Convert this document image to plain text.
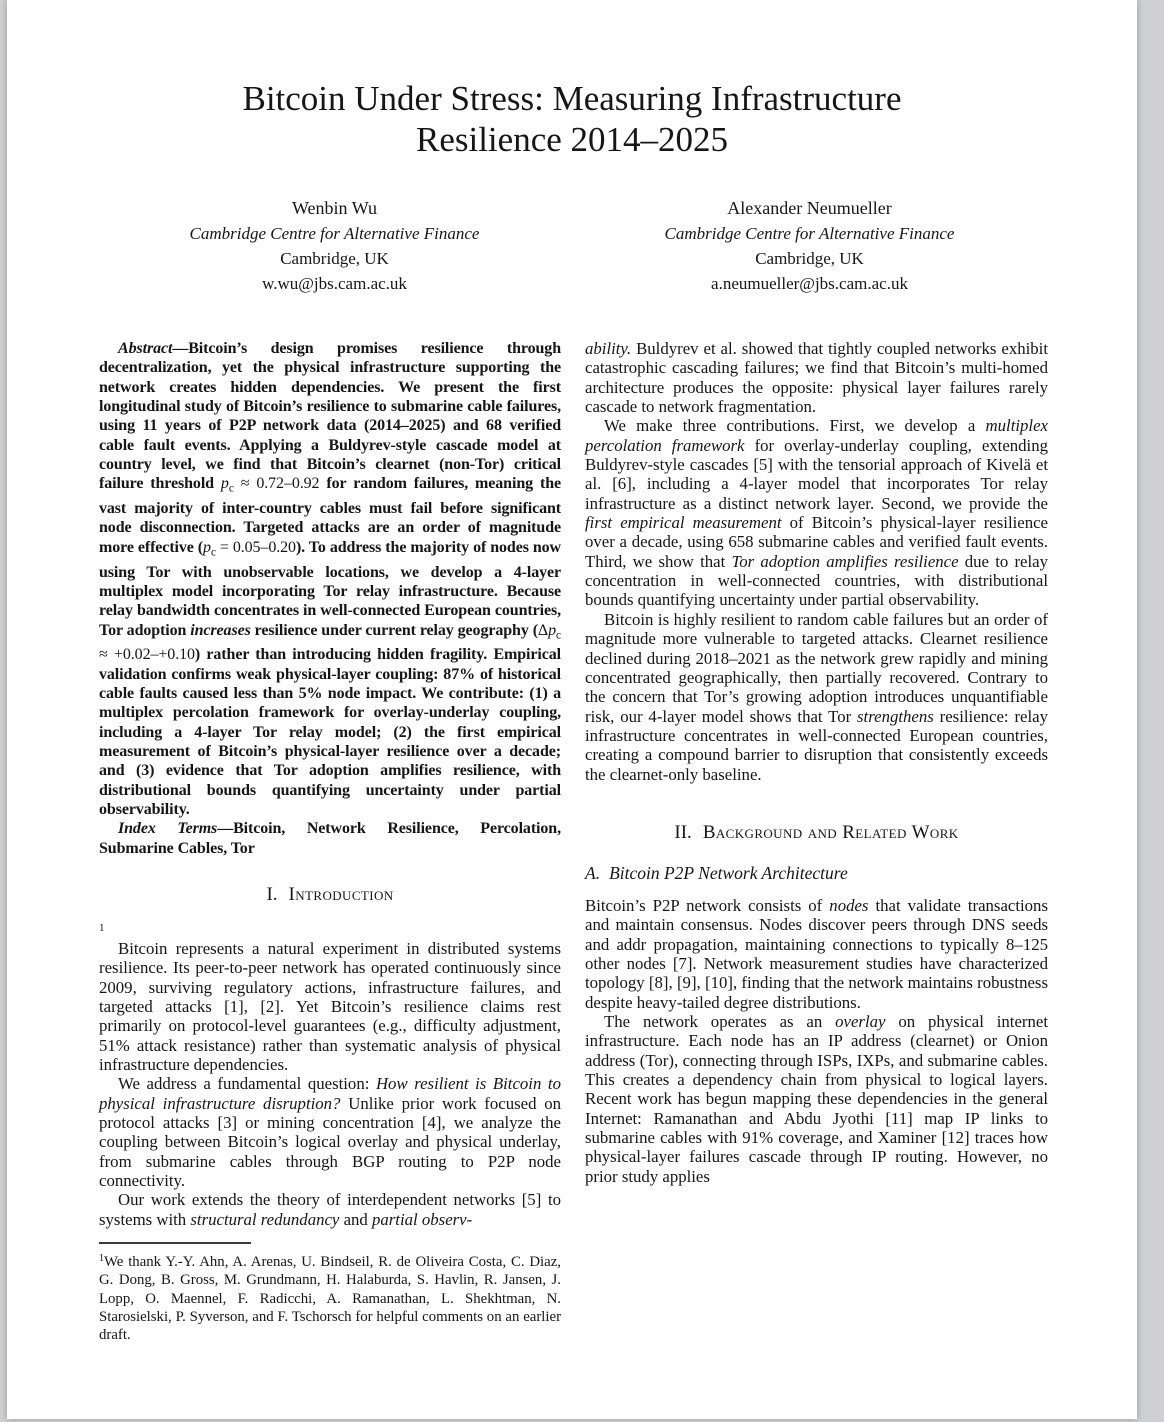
Bitcoin Under Stress: Measuring Infrastructure
Resilience 2014–2025
Wenbin Wu
Cambridge Centre for Alternative Finance
Cambridge, UK
w.wu@jbs.cam.ac.uk
Alexander Neumueller
Cambridge Centre for Alternative Finance
Cambridge, UK
a.neumueller@jbs.cam.ac.uk

Abstract—Bitcoin’s design promises resilience through decentralization, yet the physical infrastructure supporting the network creates hidden dependencies. We present the first longitudinal study of Bitcoin’s resilience to submarine cable failures, using 11 years of P2P network data (2014–2025) and 68 verified cable fault events. Applying a Buldyrev-style cascade model at country level, we find that Bitcoin’s clearnet (non-Tor) critical failure threshold $p_c \approx 0.72-0.92$ for random failures, meaning the vast majority of inter-country cables must fail before significant node disconnection. Targeted attacks are an order of magnitude more effective $(p_c = 0.05-0.20)$. To address the majority of nodes now using Tor with unobservable locations, we develop a 4-layer multiplex model incorporating Tor relay infrastructure. Because relay bandwidth concentrates in well-connected European countries, Tor adoption increases resilience under current relay geography $(\Delta p_c \approx +0.02-+0.10)$ rather than introducing hidden fragility. Empirical validation confirms weak physical-layer coupling: 87% of historical cable faults caused less than 5% node impact. We contribute: (1) a multiplex percolation framework for overlay-underlay coupling, including a 4-layer Tor relay model; (2) the first empirical measurement of Bitcoin’s physical-layer resilience over a decade; and (3) evidence that Tor adoption amplifies resilience, with distributional bounds quantifying uncertainty under partial observability.

Index Terms—Bitcoin, Network Resilience, Percolation, Submarine Cables, Tor

I. Introduction
1

Bitcoin represents a natural experiment in distributed systems resilience. Its peer-to-peer network has operated continuously since 2009, surviving regulatory actions, infrastructure failures, and targeted attacks [1], [2]. Yet Bitcoin’s resilience claims rest primarily on protocol-level guarantees (e.g., difficulty adjustment, 51% attack resistance) rather than systematic analysis of physical infrastructure dependencies.

We address a fundamental question: How resilient is Bitcoin to physical infrastructure disruption? Unlike prior work focused on protocol attacks [3] or mining concentration [4], we analyze the coupling between Bitcoin’s logical overlay and physical underlay, from submarine cables through BGP routing to P2P node connectivity.

Our work extends the theory of interdependent networks [5] to systems with structural redundancy and partial observ-

$^1$We thank Y.-Y. Ahn, A. Arenas, U. Bindseil, R. de Oliveira Costa, C. Diaz, G. Dong, B. Gross, M. Grundmann, H. Halaburda, S. Havlin, R. Jansen, J. Lopp, O. Maennel, F. Radicchi, A. Ramanathan, L. Shekhtman, N. Starosielski, P. Syverson, and F. Tschorsch for helpful comments on an earlier draft.

ability. Buldyrev et al. showed that tightly coupled networks exhibit catastrophic cascading failures; we find that Bitcoin’s multi-homed architecture produces the opposite: physical layer failures rarely cascade to network fragmentation.

We make three contributions. First, we develop a multiplex percolation framework for overlay-underlay coupling, extending Buldyrev-style cascades [5] with the tensorial approach of Kivelä et al. [6], including a 4-layer model that incorporates Tor relay infrastructure as a distinct network layer. Second, we provide the first empirical measurement of Bitcoin’s physical-layer resilience over a decade, using 658 submarine cables and verified fault events. Third, we show that Tor adoption amplifies resilience due to relay concentration in well-connected countries, with distributional bounds quantifying uncertainty under partial observability.

Bitcoin is highly resilient to random cable failures but an order of magnitude more vulnerable to targeted attacks. Clearnet resilience declined during 2018–2021 as the network grew rapidly and mining concentrated geographically, then partially recovered. Contrary to the concern that Tor’s growing adoption introduces unquantifiable risk, our 4-layer model shows that Tor strengthens resilience: relay infrastructure concentrates in well-connected European countries, creating a compound barrier to disruption that consistently exceeds the clearnet-only baseline.

II. Background and Related Work
A. Bitcoin P2P Network Architecture

Bitcoin’s P2P network consists of nodes that validate transactions and maintain consensus. Nodes discover peers through DNS seeds and addr propagation, maintaining connections to typically 8–125 other nodes [7]. Network measurement studies have characterized topology [8], [9], [10], finding that the network maintains robustness despite heavy-tailed degree distributions.

The network operates as an overlay on physical internet infrastructure. Each node has an IP address (clearnet) or Onion address (Tor), connecting through ISPs, IXPs, and submarine cables. This creates a dependency chain from physical to logical layers. Recent work has begun mapping these dependencies in the general Internet: Ramanathan and Abdu Jyothi [11] map IP links to submarine cables with 91% coverage, and Xaminer [12] traces how physical-layer failures cascade through IP routing. However, no prior study applies
